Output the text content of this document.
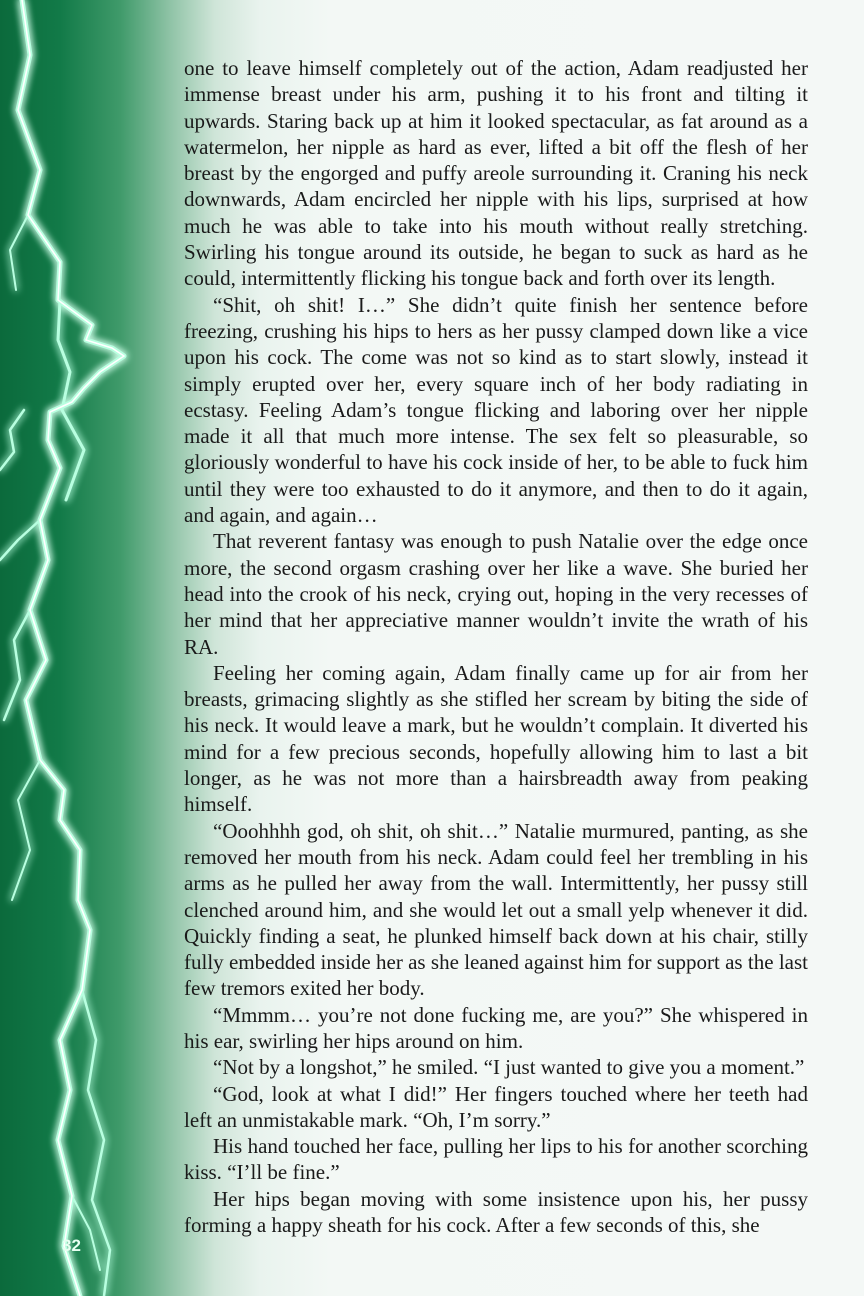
one to leave himself completely out of the action, Adam readjusted her immense breast under his arm, pushing it to his front and tilting it upwards. Staring back up at him it looked spectacular, as fat around as a watermelon, her nipple as hard as ever, lifted a bit off the flesh of her breast by the engorged and puffy areole surrounding it. Craning his neck downwards, Adam encircled her nipple with his lips, surprised at how much he was able to take into his mouth without really stretching. Swirling his tongue around its outside, he began to suck as hard as he could, intermittently flicking his tongue back and forth over its length.

“Shit, oh shit! I…” She didn’t quite finish her sentence before freezing, crushing his hips to hers as her pussy clamped down like a vice upon his cock. The come was not so kind as to start slowly, instead it simply erupted over her, every square inch of her body radiating in ecstasy. Feeling Adam’s tongue flicking and laboring over her nipple made it all that much more intense. The sex felt so pleasurable, so gloriously wonderful to have his cock inside of her, to be able to fuck him until they were too exhausted to do it anymore, and then to do it again, and again, and again…

That reverent fantasy was enough to push Natalie over the edge once more, the second orgasm crashing over her like a wave. She buried her head into the crook of his neck, crying out, hoping in the very recesses of her mind that her appreciative manner wouldn’t invite the wrath of his RA.

Feeling her coming again, Adam finally came up for air from her breasts, grimacing slightly as she stifled her scream by biting the side of his neck. It would leave a mark, but he wouldn’t complain. It diverted his mind for a few precious seconds, hopefully allowing him to last a bit longer, as he was not more than a hairsbreadth away from peaking himself.

“Ooohhhh god, oh shit, oh shit…” Natalie murmured, panting, as she removed her mouth from his neck. Adam could feel her trembling in his arms as he pulled her away from the wall. Intermittently, her pussy still clenched around him, and she would let out a small yelp whenever it did. Quickly finding a seat, he plunked himself back down at his chair, stilly fully embedded inside her as she leaned against him for support as the last few tremors exited her body.

“Mmmm… you’re not done fucking me, are you?” She whispered in his ear, swirling her hips around on him.

“Not by a longshot,” he smiled. “I just wanted to give you a moment.”

“God, look at what I did!” Her fingers touched where her teeth had left an unmistakable mark. “Oh, I’m sorry.”

His hand touched her face, pulling her lips to his for another scorching kiss. “I’ll be fine.”

Her hips began moving with some insistence upon his, her pussy forming a happy sheath for his cock. After a few seconds of this, she

32
